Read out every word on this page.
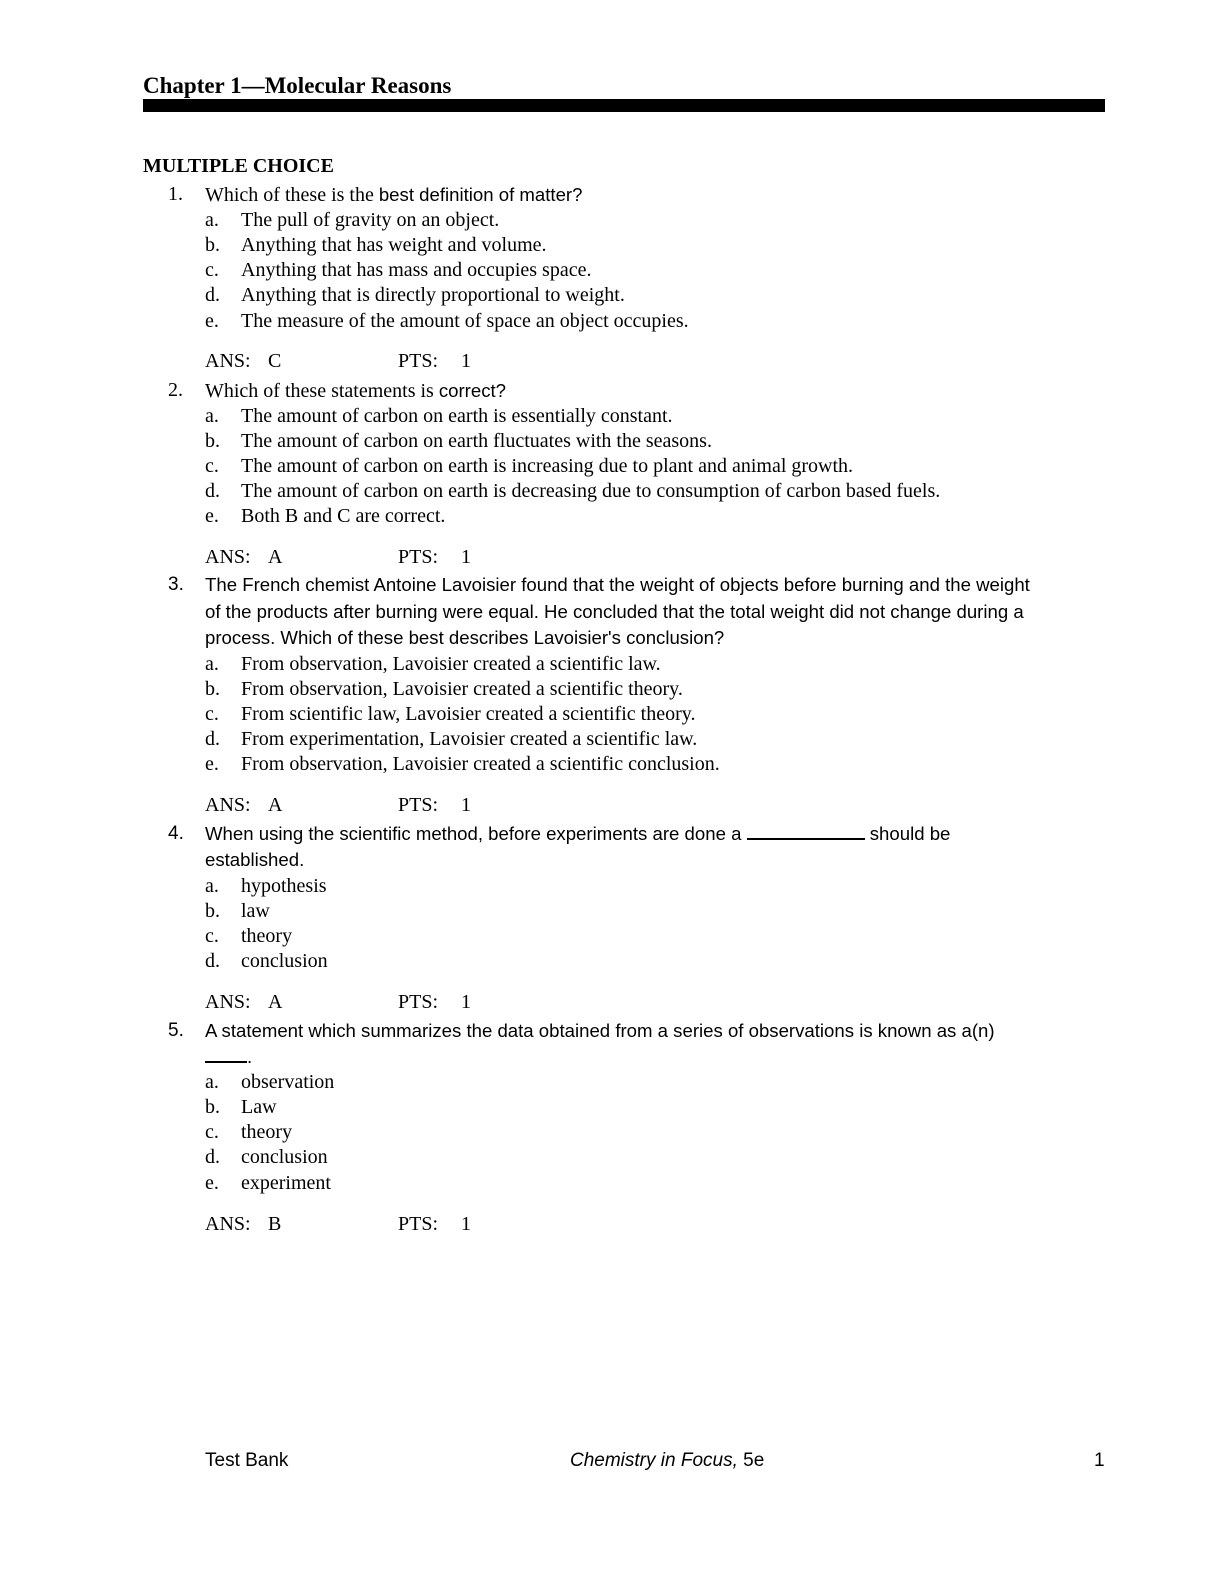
Chapter 1—Molecular Reasons
MULTIPLE CHOICE
1.	Which of these is the best definition of matter?
a. The pull of gravity on an object.
b. Anything that has weight and volume.
c. Anything that has mass and occupies space.
d. Anything that is directly proportional to weight.
e. The measure of the amount of space an object occupies.
ANS: C	PTS: 1
2.	Which of these statements is correct?
a. The amount of carbon on earth is essentially constant.
b. The amount of carbon on earth fluctuates with the seasons.
c. The amount of carbon on earth is increasing due to plant and animal growth.
d. The amount of carbon on earth is decreasing due to consumption of carbon based fuels.
e. Both B and C are correct.
ANS: A	PTS: 1
3.	The French chemist Antoine Lavoisier found that the weight of objects before burning and the weight
of the products after burning were equal. He concluded that the total weight did not change during a
process. Which of these best describes Lavoisier's conclusion?
a. From observation, Lavoisier created a scientific law.
b. From observation, Lavoisier created a scientific theory.
c. From scientific law, Lavoisier created a scientific theory.
d. From experimentation, Lavoisier created a scientific law.
e. From observation, Lavoisier created a scientific conclusion.
ANS: A	PTS: 1
4.	When using the scientific method, before experiments are done a	should be
established.
a. hypothesis
b. law
c. theory
d. conclusion
ANS: A	PTS: 1
5.	A statement which summarizes the data obtained from a series of observations is known as a(n)
.
a. observation
b. Law
c. theory
d. conclusion
e. experiment
ANS: B	PTS: 1
Test Bank	Chemistry in Focus, 5e	1
